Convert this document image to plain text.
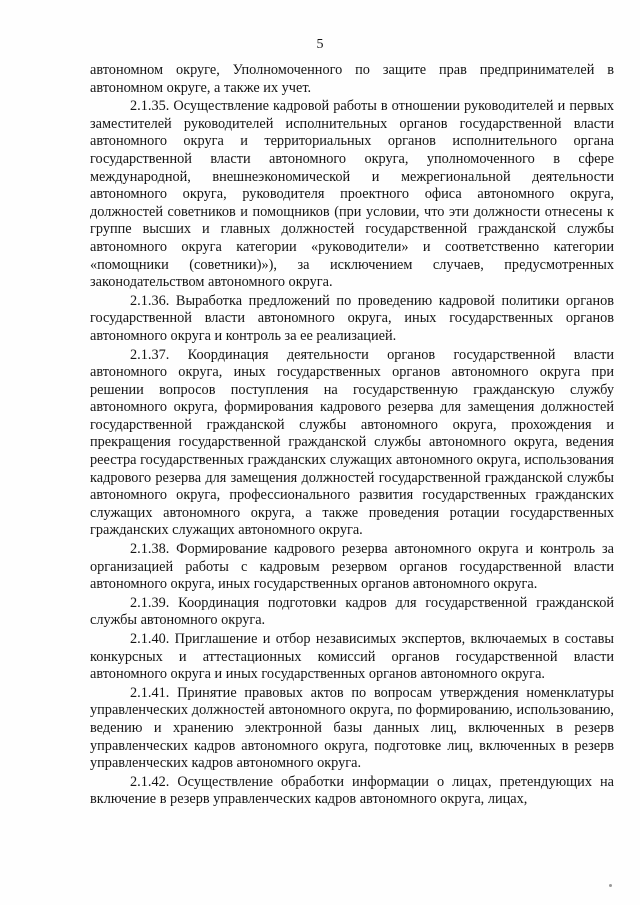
5

автономном округе, Уполномоченного по защите прав предпринимателей в автономном округе, а также их учет.

2.1.35. Осуществление кадровой работы в отношении руководителей и первых заместителей руководителей исполнительных органов государственной власти автономного округа и территориальных органов исполнительного органа государственной власти автономного округа, уполномоченного в сфере международной, внешнеэкономической и межрегиональной деятельности автономного округа, руководителя проектного офиса автономного округа, должностей советников и помощников (при условии, что эти должности отнесены к группе высших и главных должностей государственной гражданской службы автономного округа категории «руководители» и соответственно категории «помощники (советники)»), за исключением случаев, предусмотренных законодательством автономного округа.

2.1.36. Выработка предложений по проведению кадровой политики органов государственной власти автономного округа, иных государственных органов автономного округа и контроль за ее реализацией.

2.1.37. Координация деятельности органов государственной власти автономного округа, иных государственных органов автономного округа при решении вопросов поступления на государственную гражданскую службу автономного округа, формирования кадрового резерва для замещения должностей государственной гражданской службы автономного округа, прохождения и прекращения государственной гражданской службы автономного округа, ведения реестра государственных гражданских служащих автономного округа, использования кадрового резерва для замещения должностей государственной гражданской службы автономного округа, профессионального развития государственных гражданских служащих автономного округа, а также проведения ротации государственных гражданских служащих автономного округа.

2.1.38. Формирование кадрового резерва автономного округа и контроль за организацией работы с кадровым резервом органов государственной власти автономного округа, иных государственных органов автономного округа.

2.1.39. Координация подготовки кадров для государственной гражданской службы автономного округа.

2.1.40. Приглашение и отбор независимых экспертов, включаемых в составы конкурсных и аттестационных комиссий органов государственной власти автономного округа и иных государственных органов автономного округа.

2.1.41. Принятие правовых актов по вопросам утверждения номенклатуры управленческих должностей автономного округа, по формированию, использованию, ведению и хранению электронной базы данных лиц, включенных в резерв управленческих кадров автономного округа, подготовке лиц, включенных в резерв управленческих кадров автономного округа.

2.1.42. Осуществление обработки информации о лицах, претендующих на включение в резерв управленческих кадров автономного округа, лицах,
